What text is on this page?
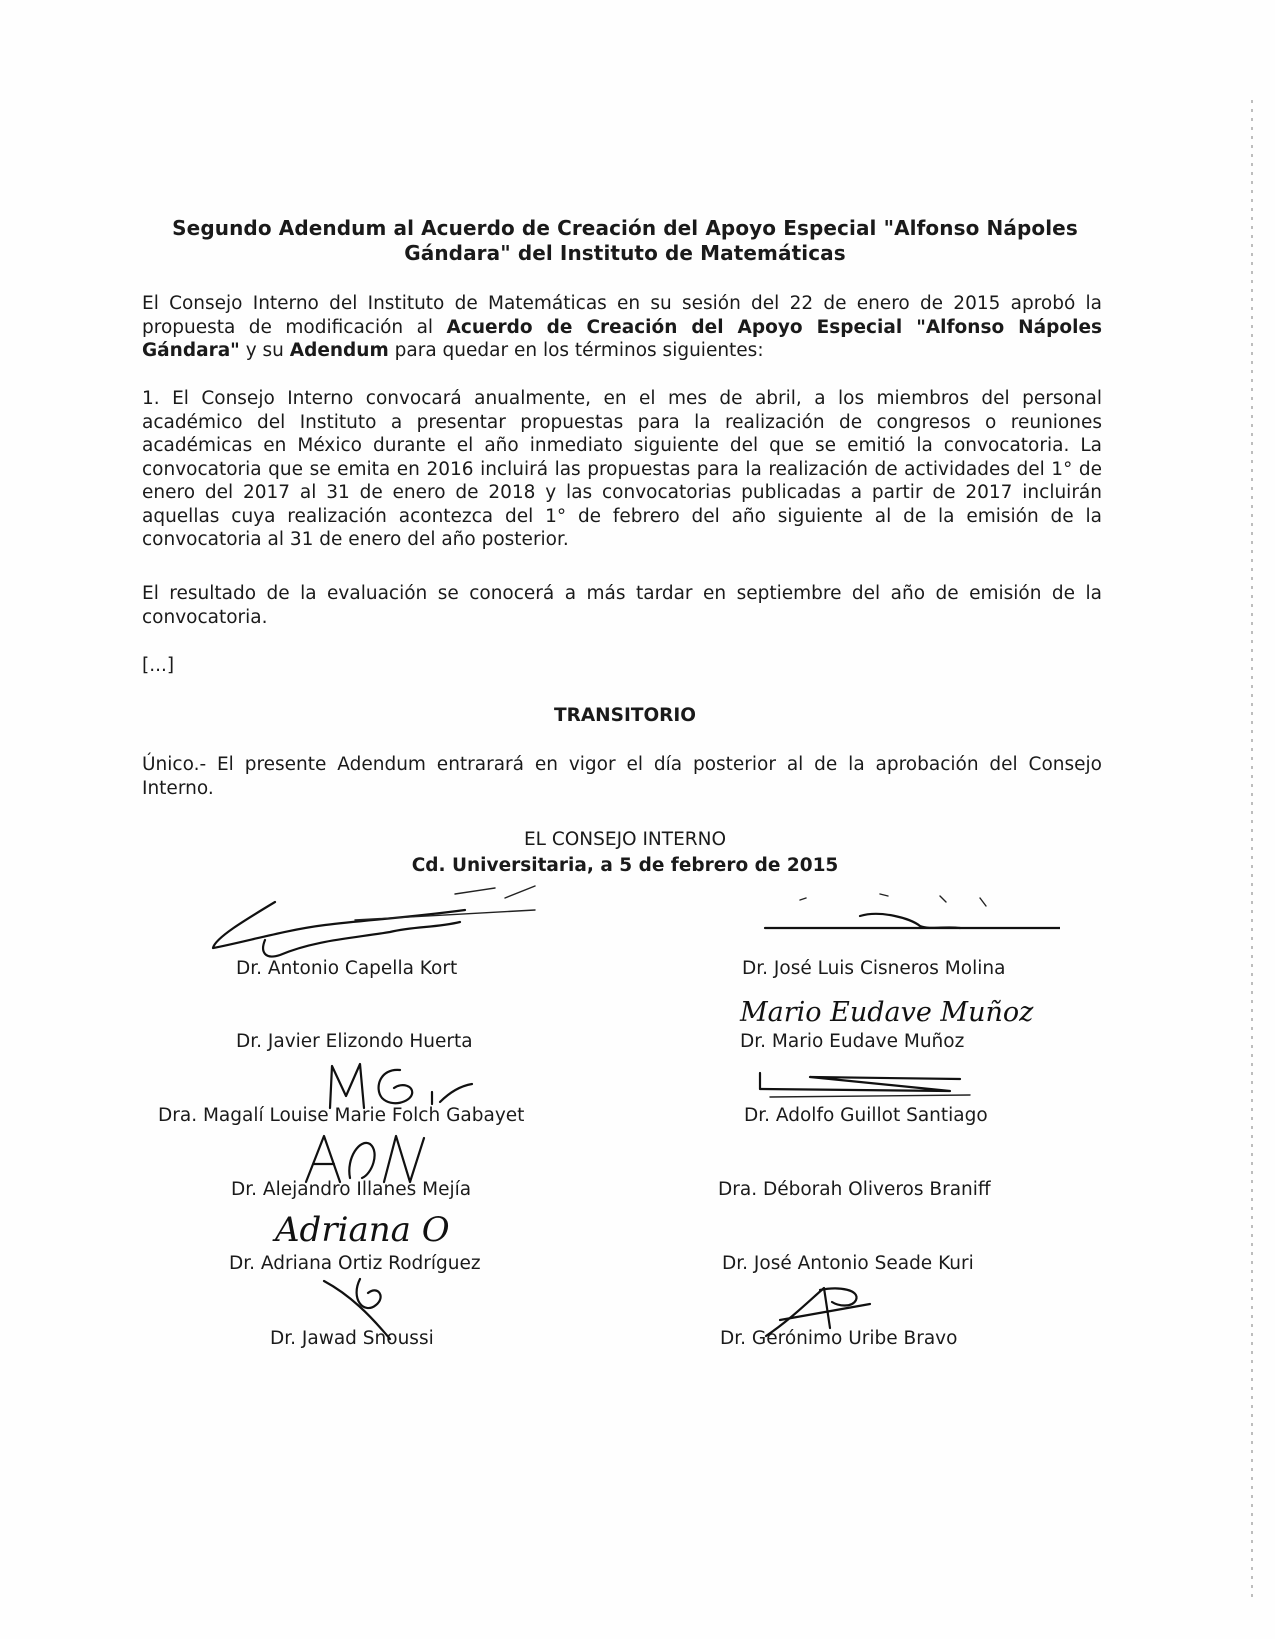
Segundo Adendum al Acuerdo de Creación del Apoyo Especial "Alfonso Nápoles
Gándara" del Instituto de Matemáticas
El Consejo Interno del Instituto de Matemáticas en su sesión del 22 de enero de 2015 aprobó la propuesta de modificación al Acuerdo de Creación del Apoyo Especial "Alfonso Nápoles Gándara" y su Adendum para quedar en los términos siguientes:
1. El Consejo Interno convocará anualmente, en el mes de abril, a los miembros del personal académico del Instituto a presentar propuestas para la realización de congresos o reuniones académicas en México durante el año inmediato siguiente del que se emitió la convocatoria. La convocatoria que se emita en 2016 incluirá las propuestas para la realización de actividades del 1° de enero del 2017 al 31 de enero de 2018 y las convocatorias publicadas a partir de 2017 incluirán aquellas cuya realización acontezca del 1° de febrero del año siguiente al de la emisión de la convocatoria al 31 de enero del año posterior.
El resultado de la evaluación se conocerá a más tardar en septiembre del año de emisión de la convocatoria.
[...]
TRANSITORIO
Único.- El presente Adendum entrarará en vigor el día posterior al de la aprobación del Consejo Interno.
EL CONSEJO INTERNO
Cd. Universitaria, a 5 de febrero de 2015
Dr. Antonio Capella Kort
Dr. Javier Elizondo Huerta
Dra. Magalí Louise Marie Folch Gabayet
Dr. Alejandro Illanes Mejía
Dr. Adriana Ortiz Rodríguez
Dr. Jawad Snoussi
Dr. José Luis Cisneros Molina
Dr. Mario Eudave Muñoz
Dr. Adolfo Guillot Santiago
Dra. Déborah Oliveros Braniff
Dr. José Antonio Seade Kuri
Dr. Gerónimo Uribe Bravo
Mario Eudave Muñoz
Adriana O
